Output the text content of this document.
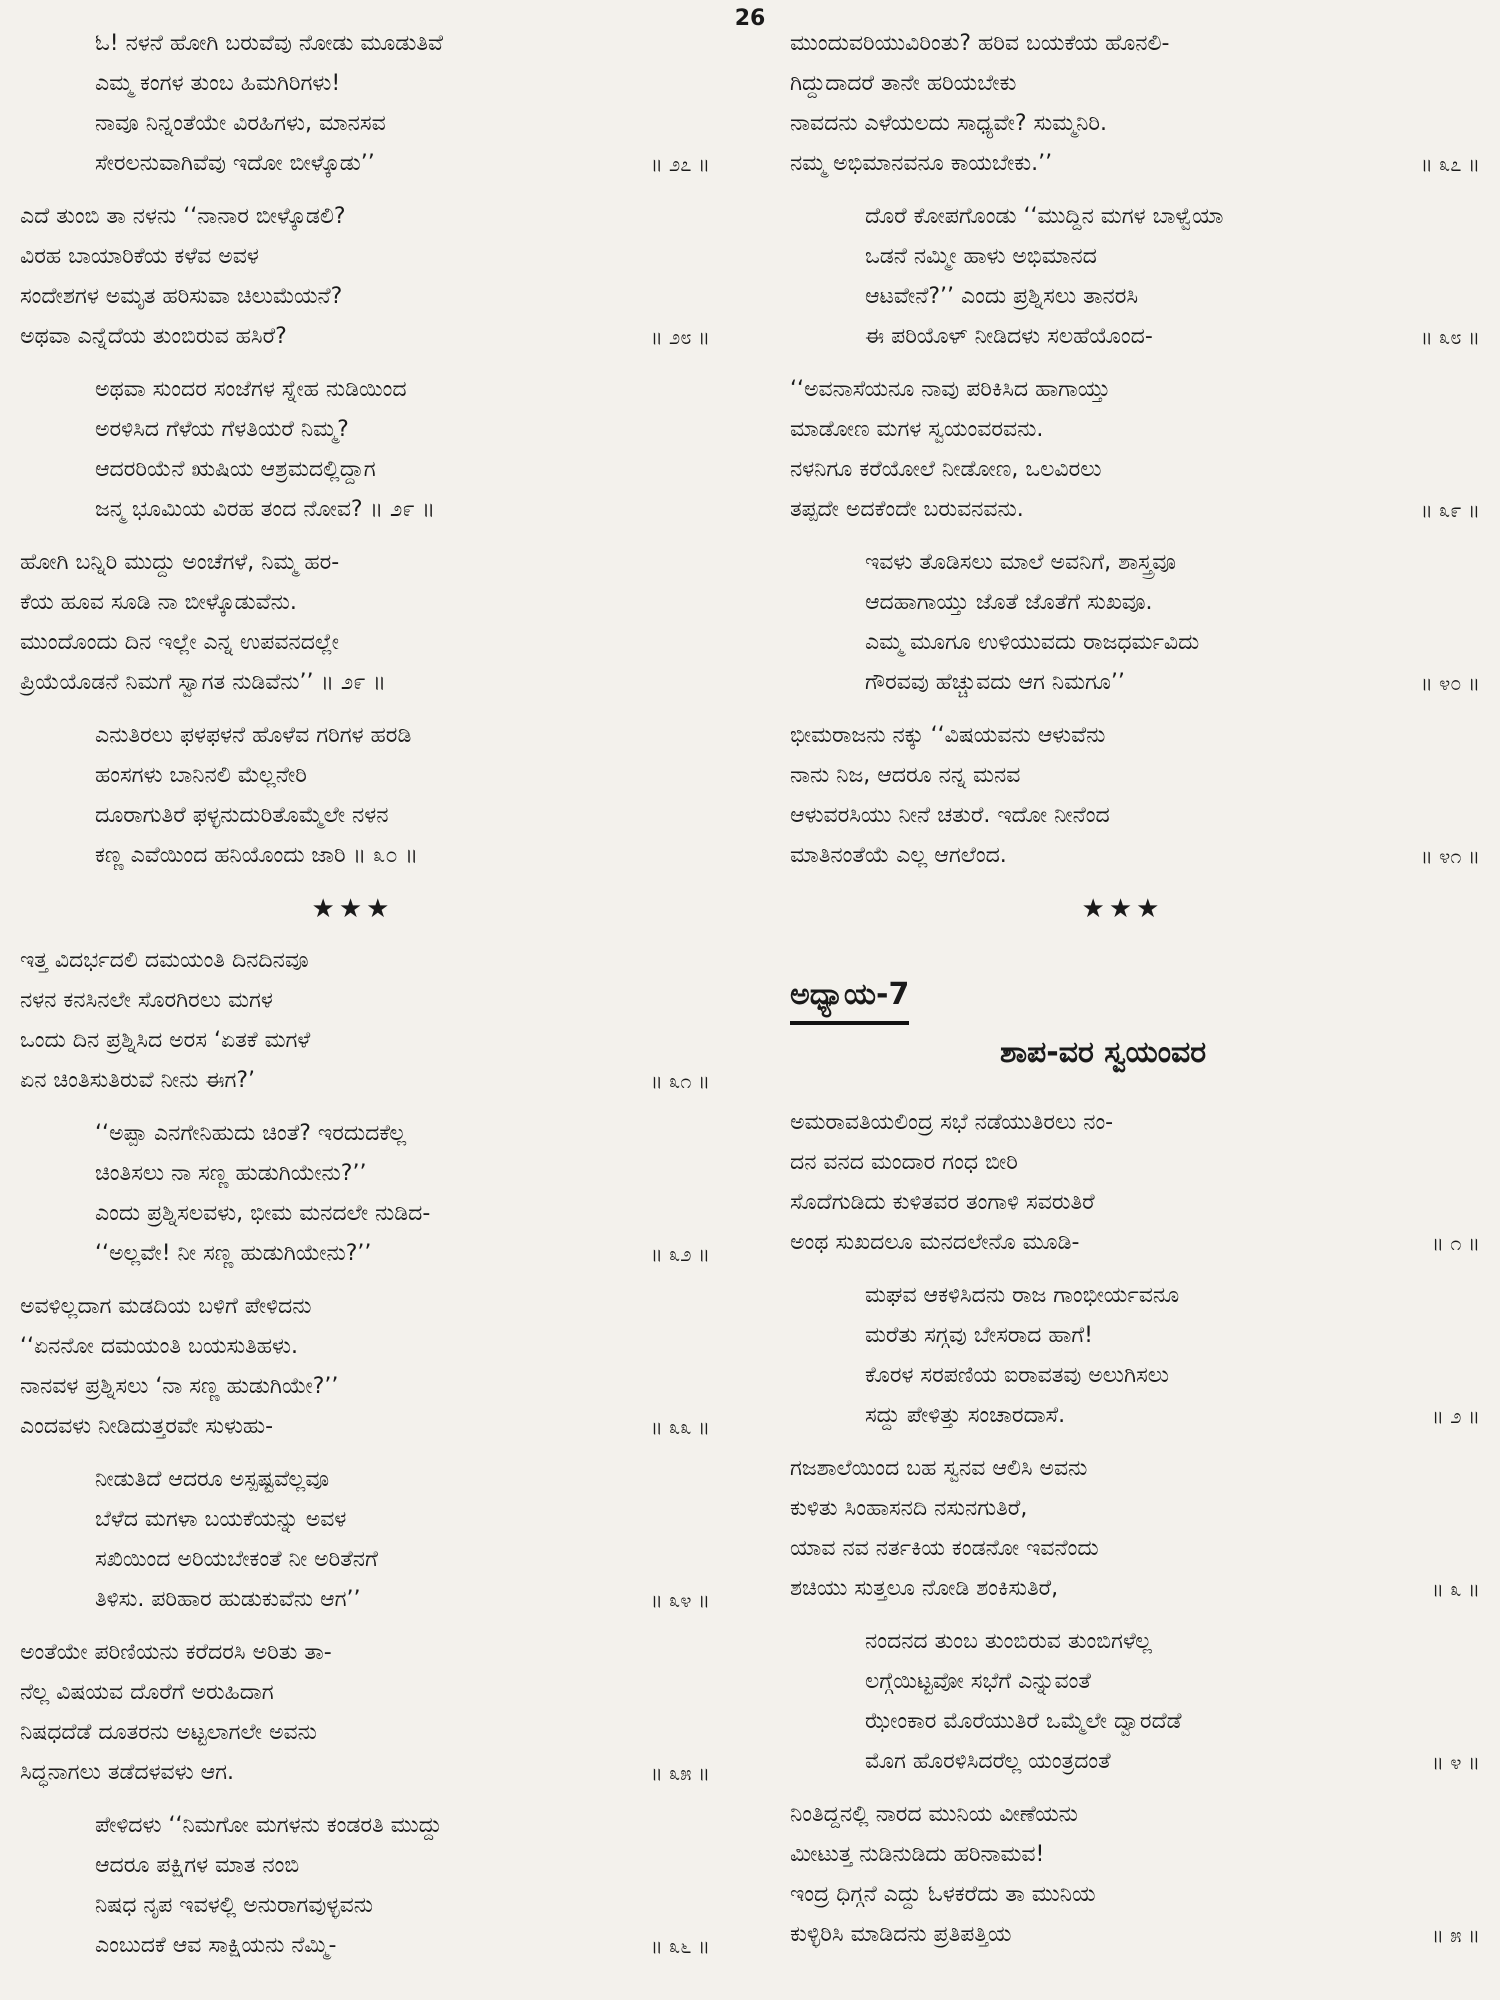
26
ಓ! ನಳನೆ ಹೋಗಿ ಬರುವೆವು ನೋಡು ಮೂಡುತಿವೆ
ಎಮ್ಮ ಕಂಗಳ ತುಂಬ ಹಿಮಗಿರಿಗಳು!
ನಾವೂ ನಿನ್ನಂತೆಯೇ ವಿರಹಿಗಳು, ಮಾನಸವ
ಸೇರಲನುವಾಗಿವೆವು ಇದೋ ಬೀಳ್ಕೊಡು’’	॥ ೨೭ ॥
ಎದೆ ತುಂಬಿ ತಾ ನಳನು ‘‘ನಾನಾರ ಬೀಳ್ಕೊಡಲಿ?
ವಿರಹ ಬಾಯಾರಿಕೆಯ ಕಳೆವ ಅವಳ
ಸಂದೇಶಗಳ ಅಮೃತ ಹರಿಸುವಾ ಚಿಲುಮೆಯನೆ?
ಅಥವಾ ಎನ್ನೆದೆಯ ತುಂಬಿರುವ ಹಸಿರೆ?	॥ ೨೮ ॥
ಅಥವಾ ಸುಂದರ ಸಂಜೆಗಳ ಸ್ನೇಹ ನುಡಿಯಿಂದ
ಅರಳಿಸಿದ ಗೆಳೆಯ ಗೆಳತಿಯರೆ ನಿಮ್ಮ?
ಆದರರಿಯೆನೆ ಋಷಿಯ ಆಶ್ರಮದಲ್ಲಿದ್ದಾಗ
ಜನ್ಮ ಭೂಮಿಯ ವಿರಹ ತಂದ ನೋವ? ॥ ೨೯ ॥
ಹೋಗಿ ಬನ್ನಿರಿ ಮುದ್ದು ಅಂಚೆಗಳೆ, ನಿಮ್ಮ ಹರ-
ಕೆಯ ಹೂವ ಸೂಡಿ ನಾ ಬೀಳ್ಕೊಡುವೆನು.
ಮುಂದೊಂದು ದಿನ ಇಲ್ಲೇ ಎನ್ನ ಉಪವನದಲ್ಲೇ
ಪ್ರಿಯೆಯೊಡನೆ ನಿಮಗೆ ಸ್ವಾಗತ ನುಡಿವೆನು’’ ॥ ೨೯ ॥
ಎನುತಿರಲು ಫಳಫಳನೆ ಹೊಳೆವ ಗರಿಗಳ ಹರಡಿ
ಹಂಸಗಳು ಬಾನಿನಲಿ ಮೆಲ್ಲನೇರಿ
ದೂರಾಗುತಿರೆ ಫಳ್ಳನುದುರಿತೊಮ್ಮೆಲೇ ನಳನ
ಕಣ್ಣ ಎವೆಯಿಂದ ಹನಿಯೊಂದು ಜಾರಿ ॥ ೩೦ ॥
★★★
ಇತ್ತ ವಿದರ್ಭದಲಿ ದಮಯಂತಿ ದಿನದಿನವೂ
ನಳನ ಕನಸಿನಲೇ ಸೊರಗಿರಲು ಮಗಳ
ಒಂದು ದಿನ ಪ್ರಶ್ನಿಸಿದ ಅರಸ ‘ಏತಕೆ ಮಗಳೆ
ಏನ ಚಿಂತಿಸುತಿರುವೆ ನೀನು ಈಗ?’	॥ ೩೧ ॥
‘‘ಅಪ್ಪಾ ಎನಗೇನಿಹುದು ಚಿಂತೆ? ಇರದುದಕೆಲ್ಲ
ಚಿಂತಿಸಲು ನಾ ಸಣ್ಣ ಹುಡುಗಿಯೇನು?’’
ಎಂದು ಪ್ರಶ್ನಿಸಲವಳು, ಭೀಮ ಮನದಲೇ ನುಡಿದ-
‘‘ಅಲ್ಲವೇ! ನೀ ಸಣ್ಣ ಹುಡುಗಿಯೇನು?’’	॥ ೩೨ ॥
ಅವಳಿಲ್ಲದಾಗ ಮಡದಿಯ ಬಳಿಗೆ ಪೇಳಿದನು
‘‘ಏನನೋ ದಮಯಂತಿ ಬಯಸುತಿಹಳು.
ನಾನವಳ ಪ್ರಶ್ನಿಸಲು ‘ನಾ ಸಣ್ಣ ಹುಡುಗಿಯೇ?’’
ಎಂದವಳು ನೀಡಿದುತ್ತರವೇ ಸುಳುಹು-	॥ ೩೩ ॥
ನೀಡುತಿದೆ ಆದರೂ ಅಸ್ಪಷ್ಟವೆಲ್ಲವೂ
ಬೆಳೆದ ಮಗಳಾ ಬಯಕೆಯನ್ನು ಅವಳ
ಸಖಿಯಿಂದ ಅರಿಯಬೇಕಂತೆ ನೀ ಅರಿತೆನಗೆ
ತಿಳಿಸು. ಪರಿಹಾರ ಹುಡುಕುವೆನು ಆಗ’’	॥ ೩೪ ॥
ಅಂತೆಯೇ ಪರಿಣಿಯನು ಕರೆದರಸಿ ಅರಿತು ತಾ-
ನೆಲ್ಲ ವಿಷಯವ ದೊರೆಗೆ ಅರುಹಿದಾಗ
ನಿಷಧದೆಡೆ ದೂತರನು ಅಟ್ಟಲಾಗಲೇ ಅವನು
ಸಿದ್ಧನಾಗಲು ತಡೆದಳವಳು ಆಗ.	॥ ೩೫ ॥
ಪೇಳಿದಳು ‘‘ನಿಮಗೋ ಮಗಳನು ಕಂಡರತಿ ಮುದ್ದು
ಆದರೂ ಪಕ್ಷಿಗಳ ಮಾತ ನಂಬಿ
ನಿಷಧ ನೃಪ ಇವಳಲ್ಲಿ ಅನುರಾಗವುಳ್ಳವನು
ಎಂಬುದಕೆ ಆವ ಸಾಕ್ಷಿಯನು ನೆಮ್ಮಿ-	॥ ೩೬ ॥
ಮುಂದುವರಿಯುವಿರಿಂತು? ಹರಿವ ಬಯಕೆಯ ಹೊನಲಿ-
ಗಿದ್ದುದಾದರೆ ತಾನೇ ಹರಿಯಬೇಕು
ನಾವದನು ಎಳೆಯಲದು ಸಾಧ್ಯವೇ? ಸುಮ್ಮನಿರಿ.
ನಮ್ಮ ಅಭಿಮಾನವನೂ ಕಾಯಬೇಕು.’’	॥ ೩೭ ॥
ದೊರೆ ಕೋಪಗೊಂಡು ‘‘ಮುದ್ದಿನ ಮಗಳ ಬಾಳ್ವೆಯಾ
ಒಡನೆ ನಮ್ಮೀ ಹಾಳು ಅಭಿಮಾನದ
ಆಟವೇನೆ?’’ ಎಂದು ಪ್ರಶ್ನಿಸಲು ತಾನರಸಿ
ಈ ಪರಿಯೊಳ್ ನೀಡಿದಳು ಸಲಹೆಯೊಂದ-	॥ ೩೮ ॥
‘‘ಅವನಾಸೆಯನೂ ನಾವು ಪರಿಕಿಸಿದ ಹಾಗಾಯ್ತು
ಮಾಡೋಣ ಮಗಳ ಸ್ವಯಂವರವನು.
ನಳನಿಗೂ ಕರೆಯೋಲೆ ನೀಡೋಣ, ಒಲವಿರಲು
ತಪ್ಪದೇ ಅದಕೆಂದೇ ಬರುವನವನು.	॥ ೩೯ ॥
ಇವಳು ತೊಡಿಸಲು ಮಾಲೆ ಅವನಿಗೆ, ಶಾಸ್ತ್ರವೂ
ಆದಹಾಗಾಯ್ತು ಜೊತೆ ಜೊತೆಗೆ ಸುಖವೂ.
ಎಮ್ಮ ಮೂಗೂ ಉಳಿಯುವದು ರಾಜಧರ್ಮವಿದು
ಗೌರವವು ಹೆಚ್ಚುವದು ಆಗ ನಿಮಗೂ’’	॥ ೪೦ ॥
ಭೀಮರಾಜನು ನಕ್ಕು ‘‘ವಿಷಯವನು ಆಳುವೆನು
ನಾನು ನಿಜ, ಆದರೂ ನನ್ನ ಮನವ
ಆಳುವರಸಿಯು ನೀನೆ ಚತುರೆ. ಇದೋ ನೀನೆಂದ
ಮಾತಿನಂತೆಯೆ ಎಲ್ಲ ಆಗಲೆಂದ.	॥ ೪೧ ॥
★★★
ಅಧ್ಯಾಯ-7
ಶಾಪ-ವರ ಸ್ವಯಂವರ
ಅಮರಾವತಿಯಲಿಂದ್ರ ಸಭೆ ನಡೆಯುತಿರಲು ನಂ-
ದನ ವನದ ಮಂದಾರ ಗಂಧ ಬೀರಿ
ಸೊದೆಗುಡಿದು ಕುಳಿತವರ ತಂಗಾಳಿ ಸವರುತಿರೆ
ಅಂಥ ಸುಖದಲೂ ಮನದಲೇನೊ ಮೂಡಿ-	॥ ೧ ॥
ಮಘವ ಆಕಳಿಸಿದನು ರಾಜ ಗಾಂಭೀರ್ಯವನೂ
ಮರೆತು ಸಗ್ಗವು ಬೇಸರಾದ ಹಾಗೆ!
ಕೊರಳ ಸರಪಣಿಯ ಐರಾವತವು ಅಲುಗಿಸಲು
ಸದ್ದು ಪೇಳಿತ್ತು ಸಂಚಾರದಾಸೆ.	॥ ೨ ॥
ಗಜಶಾಲೆಯಿಂದ ಬಹ ಸ್ವನವ ಆಲಿಸಿ ಅವನು
ಕುಳಿತು ಸಿಂಹಾಸನದಿ ನಸುನಗುತಿರೆ,
ಯಾವ ನವ ನರ್ತಕಿಯ ಕಂಡನೋ ಇವನೆಂದು
ಶಚಿಯು ಸುತ್ತಲೂ ನೋಡಿ ಶಂಕಿಸುತಿರೆ,	॥ ೩ ॥
ನಂದನದ ತುಂಬ ತುಂಬಿರುವ ತುಂಬಿಗಳೆಲ್ಲ
ಲಗ್ಗೆಯಿಟ್ಟವೋ ಸಭೆಗೆ ಎನ್ನುವಂತೆ
ಝೇಂಕಾರ ಮೊರೆಯುತಿರೆ ಒಮ್ಮೆಲೇ ದ್ವಾರದೆಡೆ
ಮೊಗ ಹೊರಳಿಸಿದರೆಲ್ಲ ಯಂತ್ರದಂತೆ	॥ ೪ ॥
ನಿಂತಿದ್ದನಲ್ಲಿ ನಾರದ ಮುನಿಯ ವೀಣೆಯನು
ಮೀಟುತ್ತ ನುಡಿನುಡಿದು ಹರಿನಾಮವ!
ಇಂದ್ರ ಧಿಗ್ಗನೆ ಎದ್ದು ಓಳಕರೆದು ತಾ ಮುನಿಯ
ಕುಳ್ಳಿರಿಸಿ ಮಾಡಿದನು ಪ್ರತಿಪತ್ತಿಯ	॥ ೫ ॥
